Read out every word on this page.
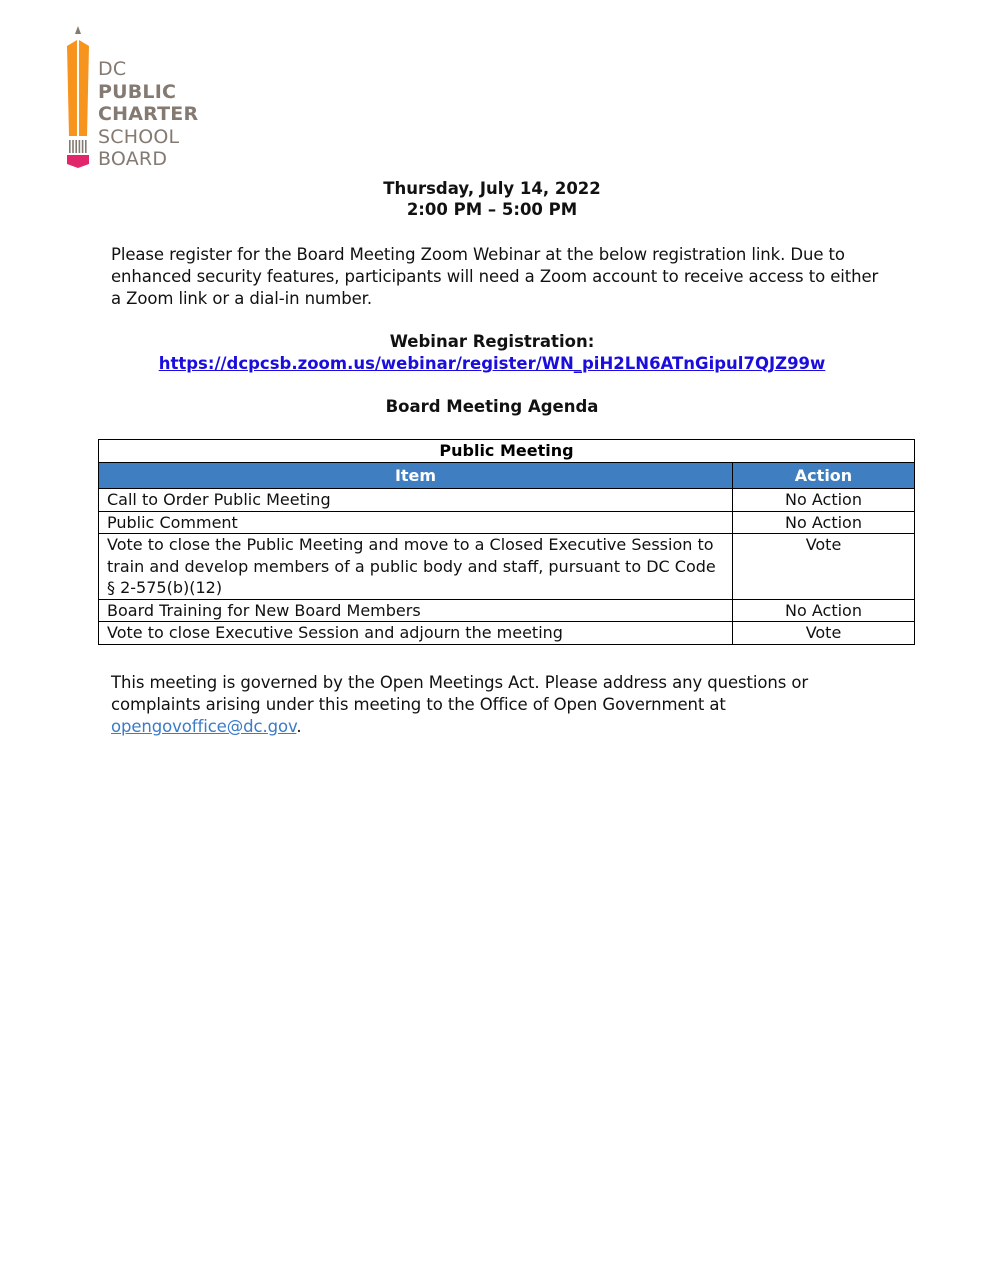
DC
PUBLIC
CHARTER
SCHOOL
BOARD
Thursday, July 14, 2022
2:00 PM – 5:00 PM
Please register for the Board Meeting Zoom Webinar at the below registration link. Due to enhanced security features, participants will need a Zoom account to receive access to either a Zoom link or a dial-in number.
Webinar Registration:
https://dcpcsb.zoom.us/webinar/register/WN_piH2LN6ATnGipul7QJZ99w
Board Meeting Agenda
Public Meeting	
Item	Action
Call to Order Public Meeting	No Action
Public Comment	No Action
Vote to close the Public Meeting and move to a Closed Executive Session to train and develop members of a public body and staff, pursuant to DC Code § 2-575(b)(12)	Vote
Board Training for New Board Members	No Action
Vote to close Executive Session and adjourn the meeting	Vote
This meeting is governed by the Open Meetings Act. Please address any questions or complaints arising under this meeting to the Office of Open Government at opengovoffice@dc.gov.
